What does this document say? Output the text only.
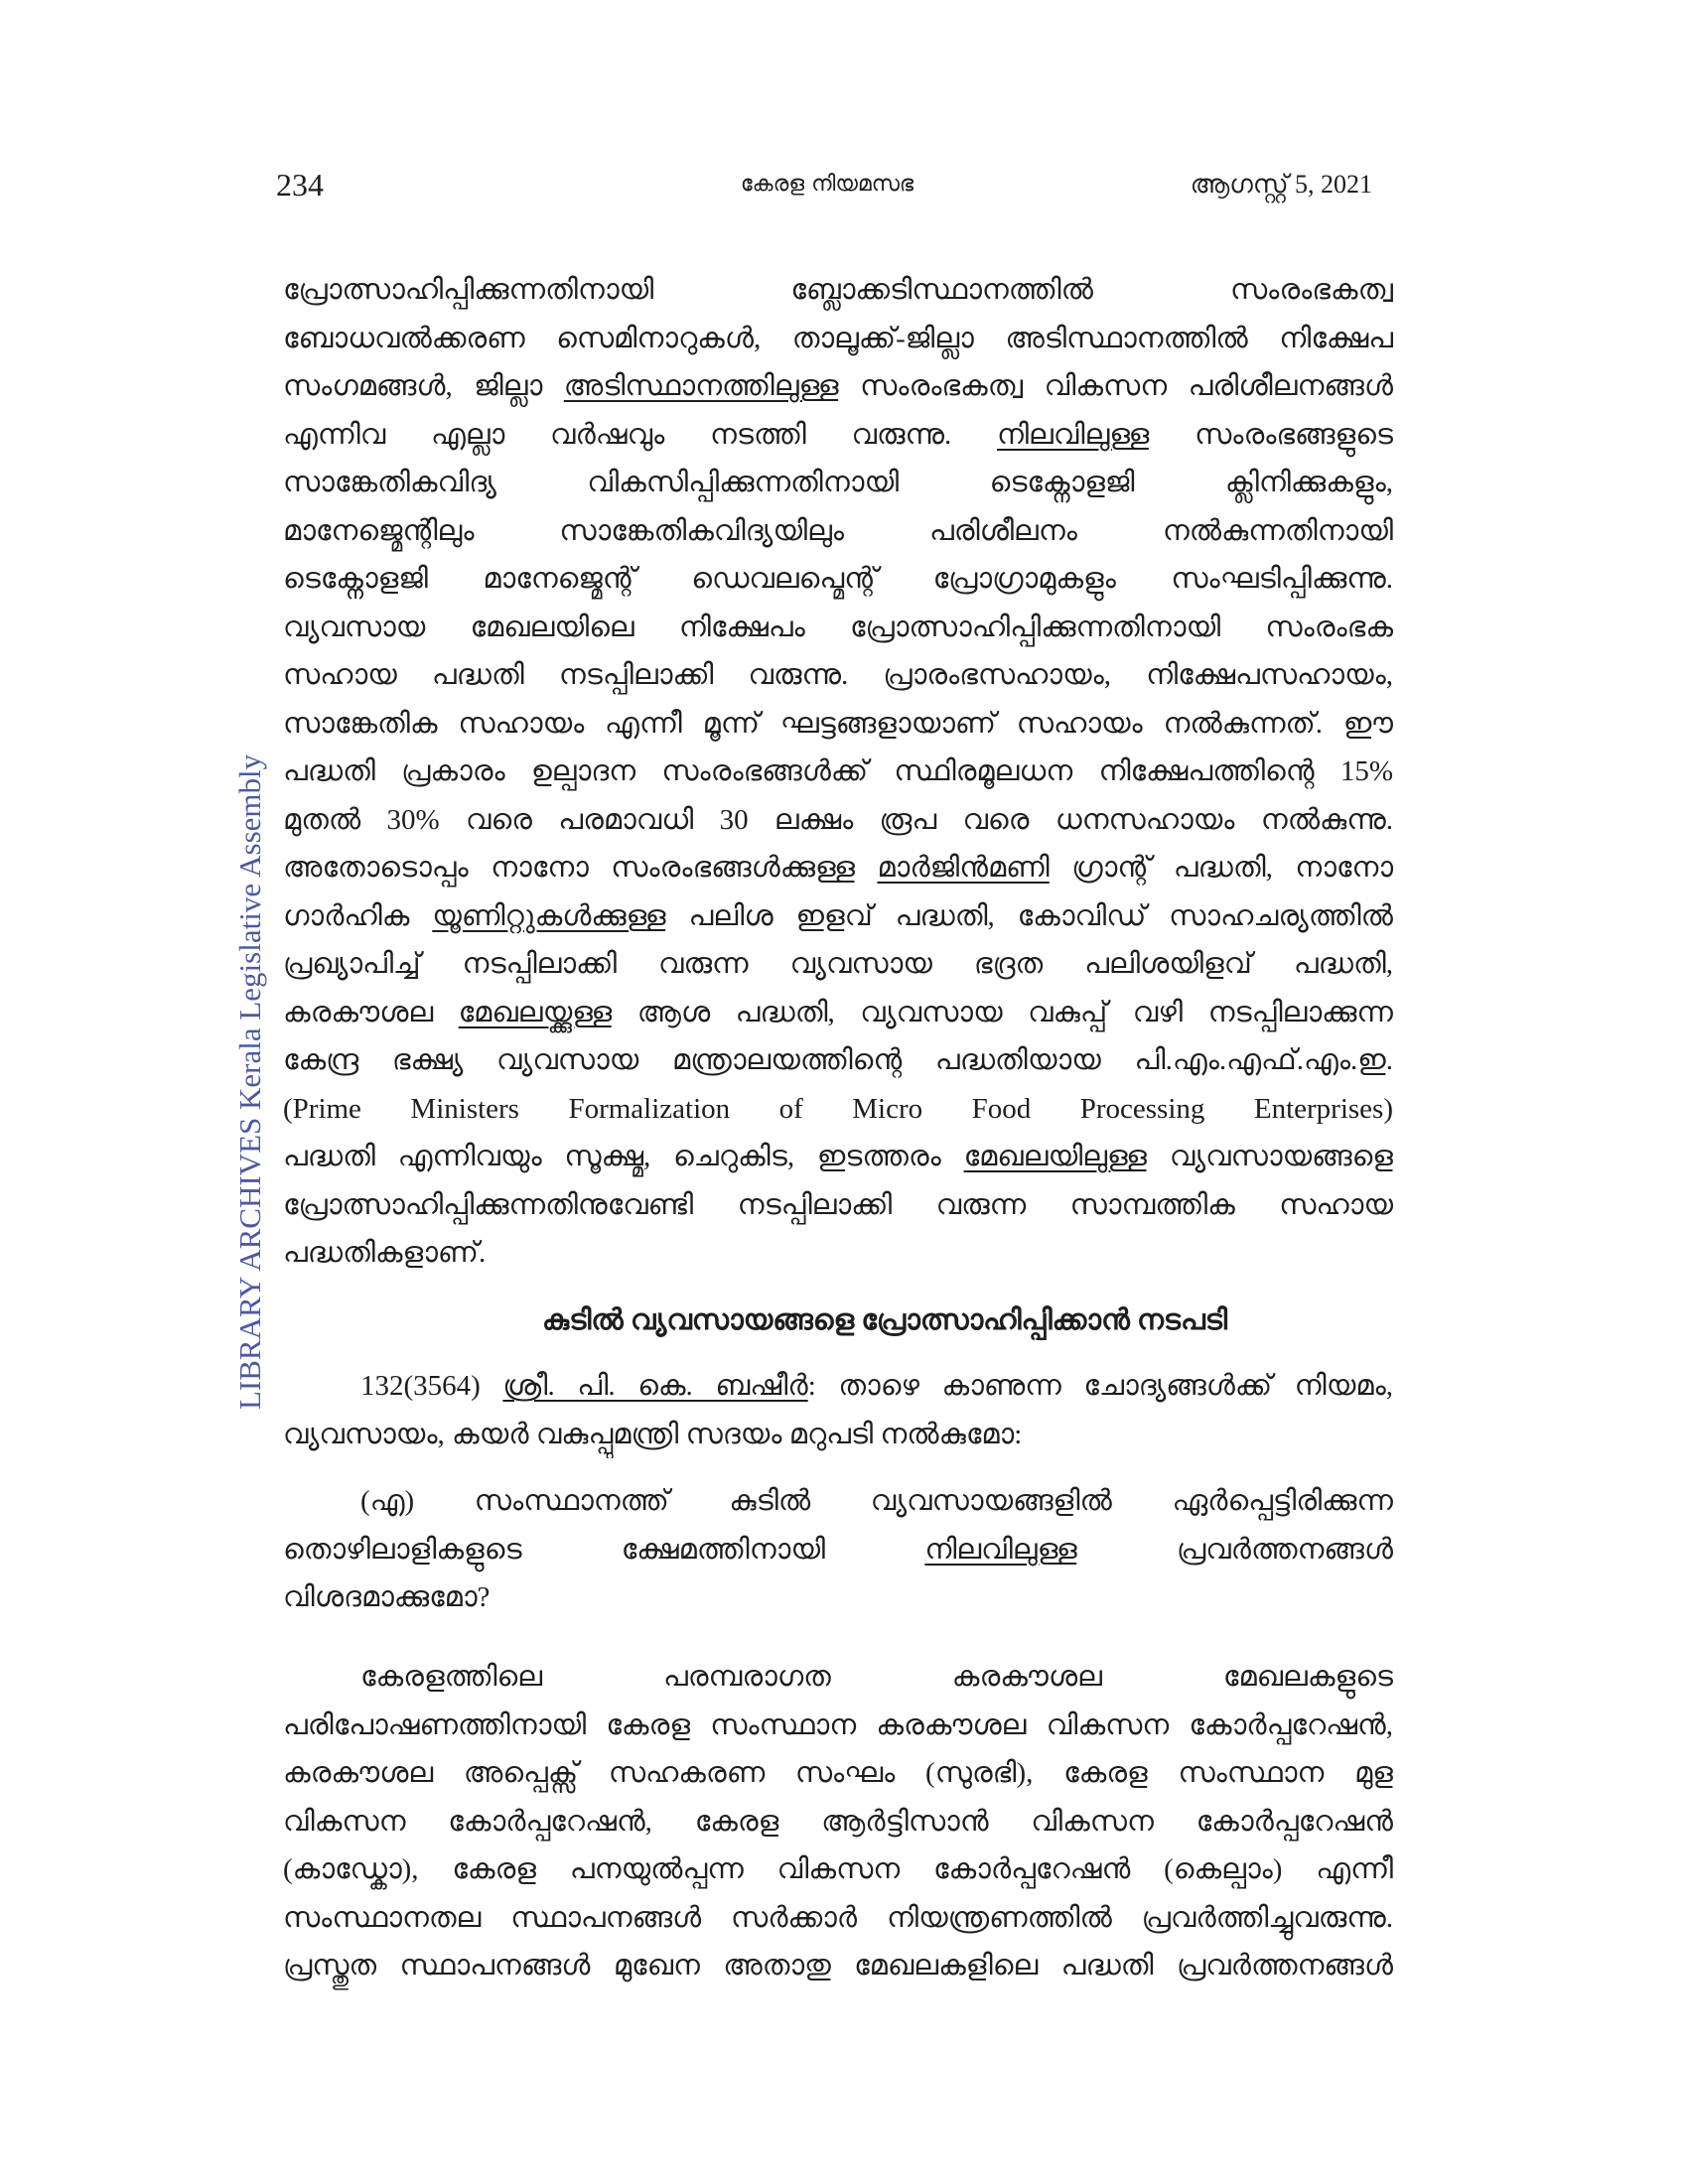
234	കേരള നിയമസഭ	ആഗസ്റ്റ് 5, 2021
LIBRARY ARCHIVES Kerala Legislative Assembly
പ്രോത്സാഹിപ്പിക്കുന്നതിനായി ബ്ലോക്കടിസ്ഥാനത്തിൽ സംരംഭകത്വ
ബോധവൽക്കരണ സെമിനാറുകൾ, താലൂക്ക്-ജില്ലാ അടിസ്ഥാനത്തിൽ നിക്ഷേപ
സംഗമങ്ങൾ, ജില്ലാ അടിസ്ഥാനത്തിലുള്ള സംരംഭകത്വ വികസന പരിശീലനങ്ങൾ
എന്നിവ എല്ലാ വർഷവും നടത്തി വരുന്നു. നിലവിലുള്ള സംരംഭങ്ങളുടെ
സാങ്കേതികവിദ്യ വികസിപ്പിക്കുന്നതിനായി ടെക്നോളജി ക്ലിനിക്കുകളും,
മാനേജ്മെന്റിലും സാങ്കേതികവിദ്യയിലും പരിശീലനം നൽകുന്നതിനായി
ടെക്നോളജി മാനേജ്മെന്റ് ഡെവലപ്മെന്റ് പ്രോഗ്രാമുകളും സംഘടിപ്പിക്കുന്നു.
വ്യവസായ മേഖലയിലെ നിക്ഷേപം പ്രോത്സാഹിപ്പിക്കുന്നതിനായി സംരംഭക
സഹായ പദ്ധതി നടപ്പിലാക്കി വരുന്നു. പ്രാരംഭസഹായം, നിക്ഷേപസഹായം,
സാങ്കേതിക സഹായം എന്നീ മൂന്ന് ഘട്ടങ്ങളായാണ് സഹായം നൽകുന്നത്. ഈ
പദ്ധതി പ്രകാരം ഉല്പാദന സംരംഭങ്ങൾക്ക് സ്ഥിരമൂലധന നിക്ഷേപത്തിന്റെ 15%
മുതൽ 30% വരെ പരമാവധി 30 ലക്ഷം രൂപ വരെ ധനസഹായം നൽകുന്നു.
അതോടൊപ്പം നാനോ സംരംഭങ്ങൾക്കുള്ള മാർജിൻമണി ഗ്രാന്റ് പദ്ധതി, നാനോ
ഗാർഹിക യൂണിറ്റുകൾക്കുള്ള പലിശ ഇളവ് പദ്ധതി, കോവിഡ് സാഹചര്യത്തിൽ
പ്രഖ്യാപിച്ച് നടപ്പിലാക്കി വരുന്ന വ്യവസായ ഭദ്രത പലിശയിളവ് പദ്ധതി,
കരകൗശല മേഖലയ്ക്കുള്ള ആശ പദ്ധതി, വ്യവസായ വകുപ്പ് വഴി നടപ്പിലാക്കുന്ന
കേന്ദ്ര ഭക്ഷ്യ വ്യവസായ മന്ത്രാലയത്തിന്റെ പദ്ധതിയായ പി.എം.എഫ്.എം.ഇ.
(Prime Ministers Formalization of Micro Food Processing Enterprises)
പദ്ധതി എന്നിവയും സൂക്ഷ്മ, ചെറുകിട, ഇടത്തരം മേഖലയിലുള്ള വ്യവസായങ്ങളെ
പ്രോത്സാഹിപ്പിക്കുന്നതിനുവേണ്ടി നടപ്പിലാക്കി വരുന്ന സാമ്പത്തിക സഹായ
പദ്ധതികളാണ്.
കുടിൽ വ്യവസായങ്ങളെ പ്രോത്സാഹിപ്പിക്കാൻ നടപടി
132(3564) ശ്രീ. പി. കെ. ബഷീർ: താഴെ കാണുന്ന ചോദ്യങ്ങൾക്ക് നിയമം,
വ്യവസായം, കയർ വകുപ്പുമന്ത്രി സദയം മറുപടി നൽകുമോ:
(എ) സംസ്ഥാനത്ത് കുടിൽ വ്യവസായങ്ങളിൽ ഏർപ്പെട്ടിരിക്കുന്ന
തൊഴിലാളികളുടെ ക്ഷേമത്തിനായി നിലവിലുള്ള പ്രവർത്തനങ്ങൾ
വിശദമാക്കുമോ?
കേരളത്തിലെ പരമ്പരാഗത കരകൗശല മേഖലകളുടെ
പരിപോഷണത്തിനായി കേരള സംസ്ഥാന കരകൗശല വികസന കോർപ്പറേഷൻ,
കരകൗശല അപ്പെക്സ് സഹകരണ സംഘം (സുരഭി), കേരള സംസ്ഥാന മുള
വികസന കോർപ്പറേഷൻ, കേരള ആർട്ടിസാൻ വികസന കോർപ്പറേഷൻ
(കാഡ്കോ), കേരള പനയുൽപ്പന്ന വികസന കോർപ്പറേഷൻ (കെല്പാം) എന്നീ
സംസ്ഥാനതല സ്ഥാപനങ്ങൾ സർക്കാർ നിയന്ത്രണത്തിൽ പ്രവർത്തിച്ചുവരുന്നു.
പ്രസ്തുത സ്ഥാപനങ്ങൾ മുഖേന അതാതു മേഖലകളിലെ പദ്ധതി പ്രവർത്തനങ്ങൾ
